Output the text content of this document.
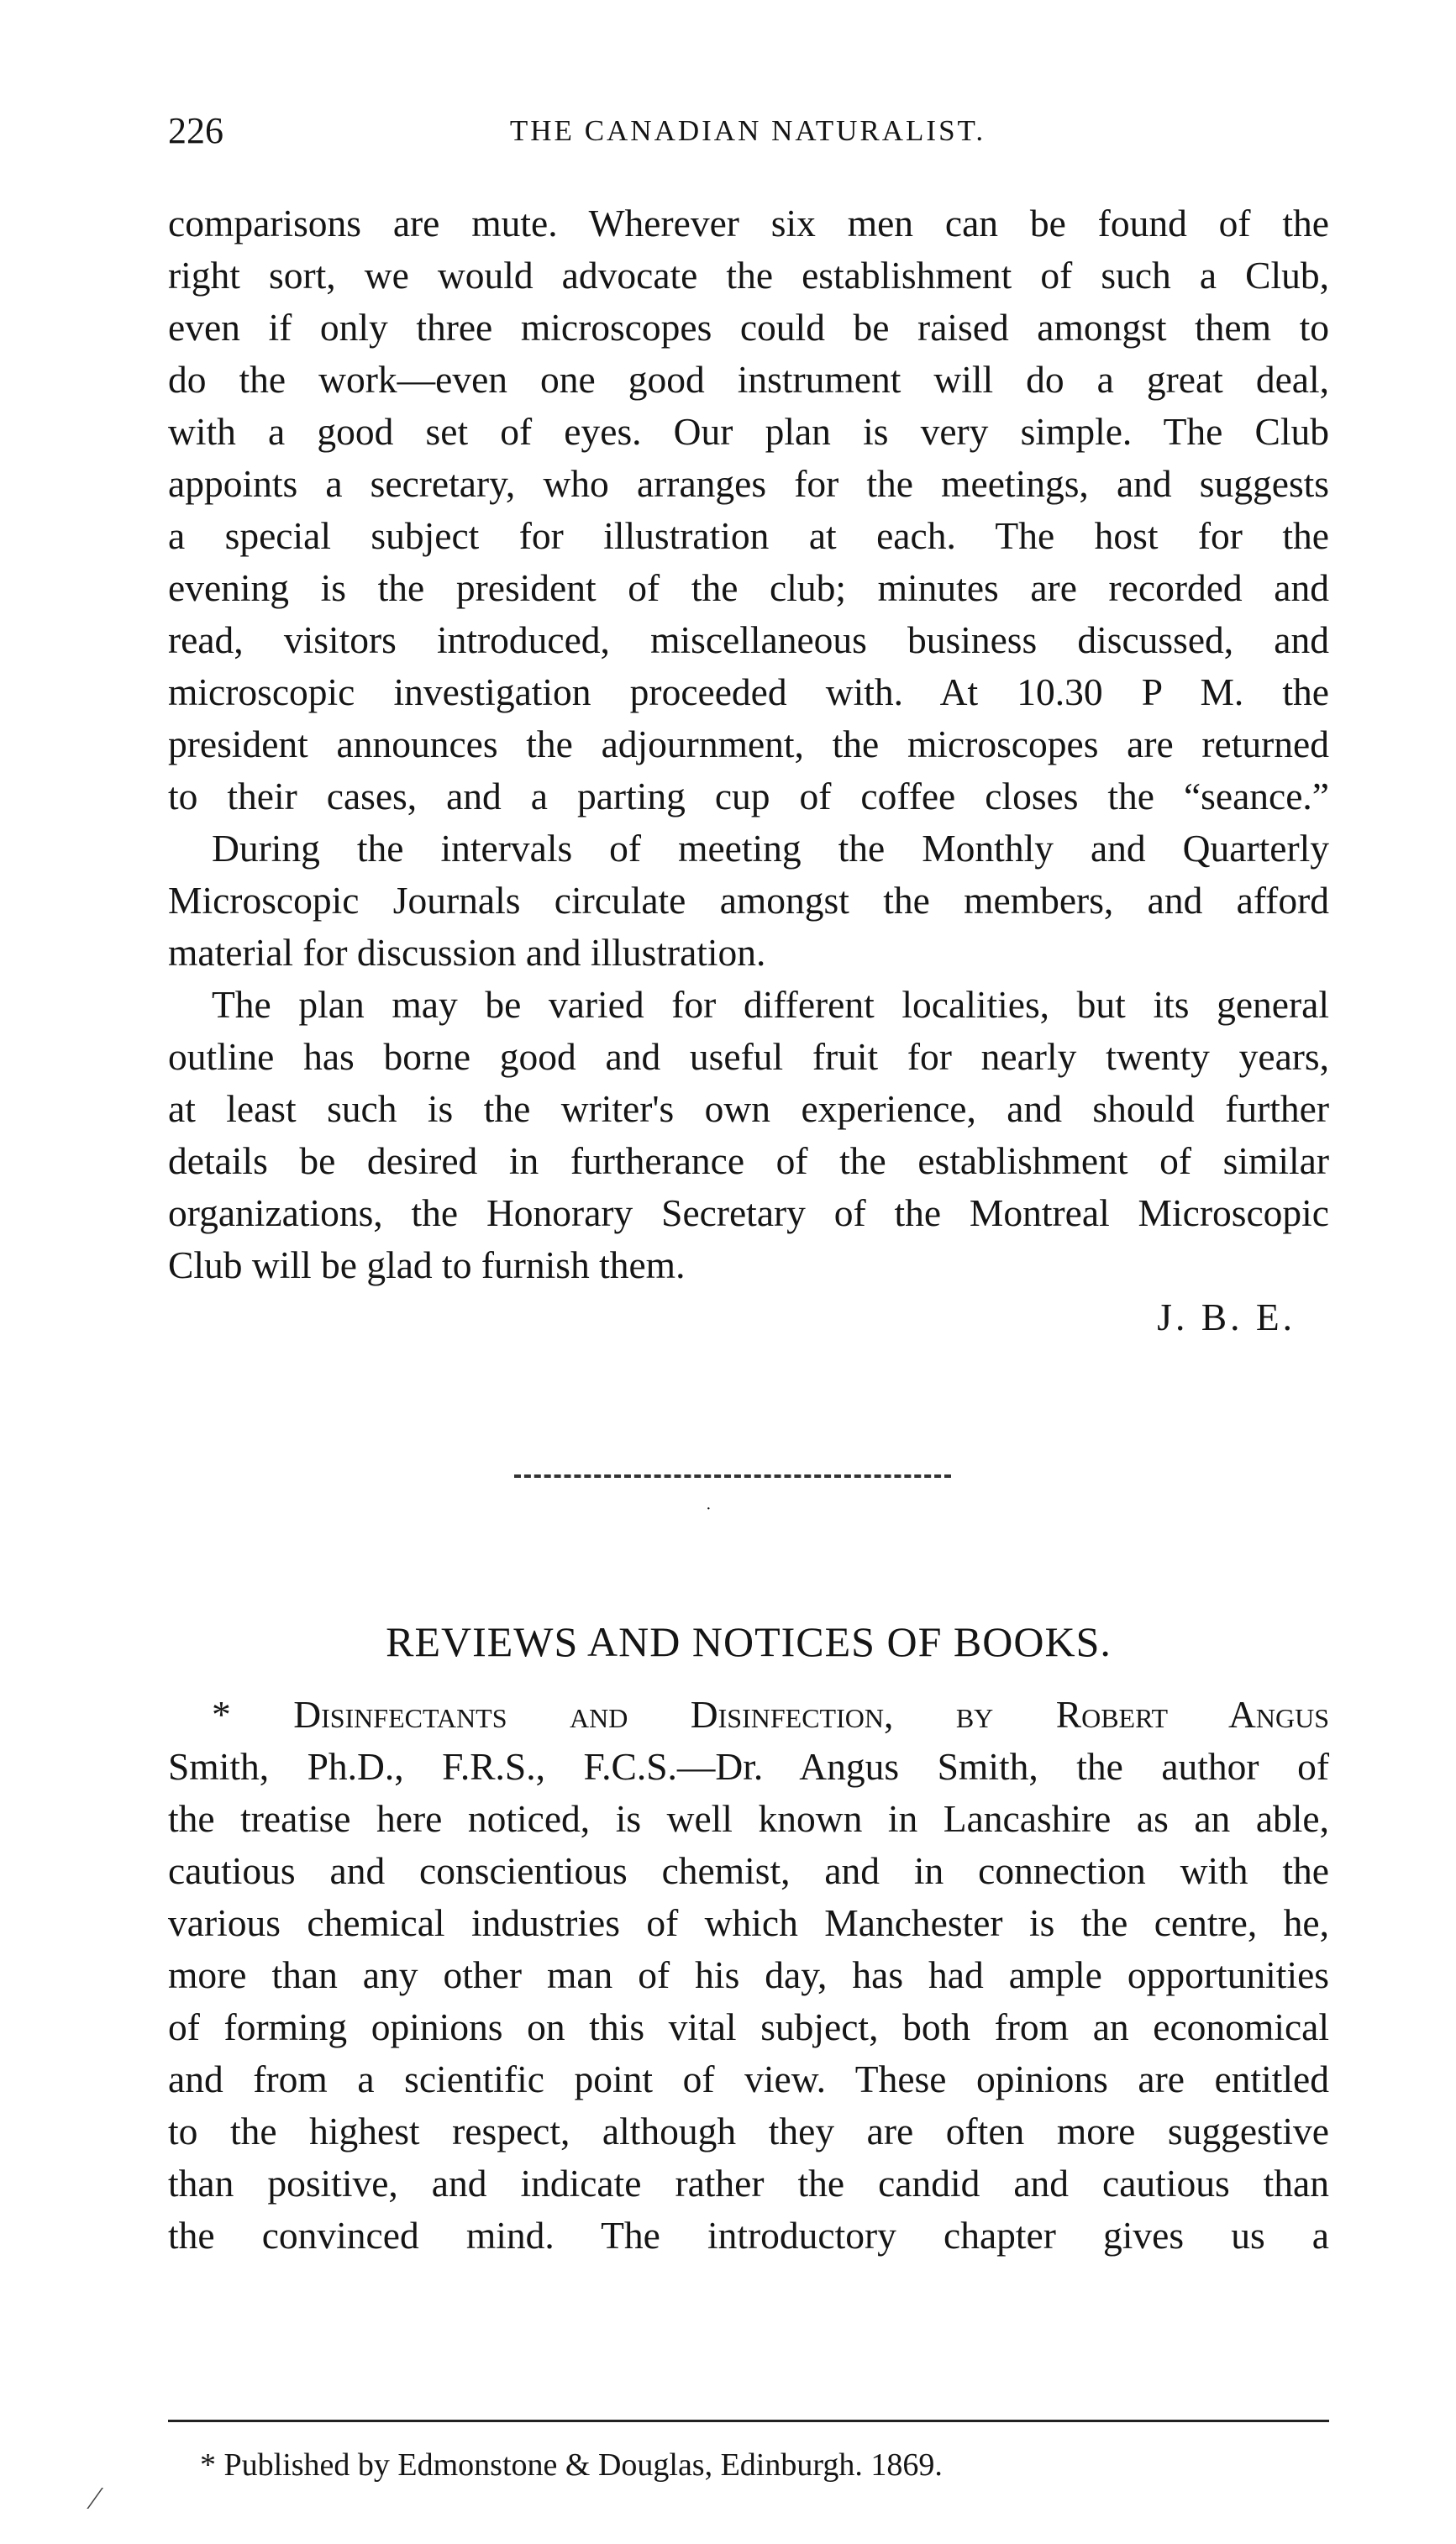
226	THE CANADIAN NATURALIST.
comparisons are mute. Wherever six men can be found of the
right sort, we would advocate the establishment of such a Club,
even if only three microscopes could be raised amongst them to
do the work—even one good instrument will do a great deal,
with a good set of eyes. Our plan is very simple. The Club
appoints a secretary, who arranges for the meetings, and suggests
a special subject for illustration at each. The host for the
evening is the president of the club; minutes are recorded and
read, visitors introduced, miscellaneous business discussed, and
microscopic investigation proceeded with. At 10.30 P M. the
president announces the adjournment, the microscopes are returned
to their cases, and a parting cup of coffee closes the “seance.”
During the intervals of meeting the Monthly and Quarterly
Microscopic Journals circulate amongst the members, and afford
material for discussion and illustration.
The plan may be varied for different localities, but its general
outline has borne good and useful fruit for nearly twenty years,
at least such is the writer's own experience, and should further
details be desired in furtherance of the establishment of similar
organizations, the Honorary Secretary of the Montreal Microscopic
Club will be glad to furnish them.
J. B. E.
·
REVIEWS AND NOTICES OF BOOKS.
* Disinfectants and Disinfection, by Robert Angus
Smith, Ph.D., F.R.S., F.C.S.—Dr. Angus Smith, the author of
the treatise here noticed, is well known in Lancashire as an able,
cautious and conscientious chemist, and in connection with the
various chemical industries of which Manchester is the centre, he,
more than any other man of his day, has had ample opportunities
of forming opinions on this vital subject, both from an economical
and from a scientific point of view. These opinions are entitled
to the highest respect, although they are often more suggestive
than positive, and indicate rather the candid and cautious than
the convinced mind. The introductory chapter gives us a
* Published by Edmonstone & Douglas, Edinburgh. 1869.
⁄
